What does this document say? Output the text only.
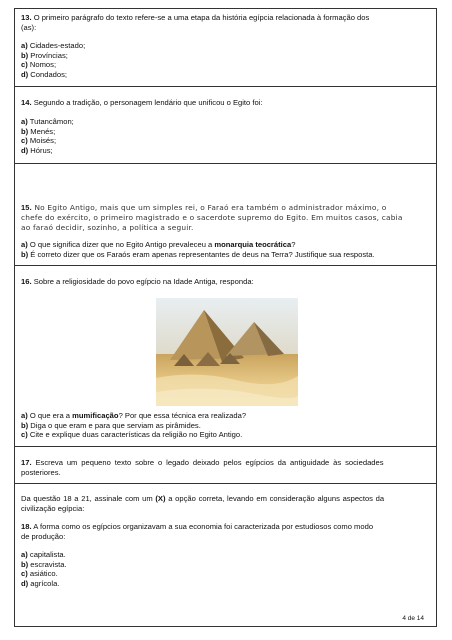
13. O primeiro parágrafo do texto refere-se a uma etapa da história egípcia relacionada à formação dos
(as):
a) Cidades-estado;
b) Províncias;
c) Nomos;
d) Condados;
14. Segundo a tradição, o personagem lendário que unificou o Egito foi:
a) Tutancâmon;
b) Menés;
c) Moisés;
d) Hórus;
15. No Egito Antigo, mais que um simples rei, o Faraó era também o administrador máximo, o
chefe do exército, o primeiro magistrado e o sacerdote supremo do Egito. Em muitos casos, cabia
ao faraó decidir, sozinho, a política a seguir.
a) O que significa dizer que no Egito Antigo prevaleceu a monarquia teocrática?
b) É correto dizer que os Faraós eram apenas representantes de deus na Terra? Justifique sua resposta.
16. Sobre a religiosidade do povo egípcio na Idade Antiga, responda:
a) O que era a mumificação? Por que essa técnica era realizada?
b) Diga o que eram e para que serviam as pirâmides.
c) Cite e explique duas características da religião no Egito Antigo.
17. Escreva um pequeno texto sobre o legado deixado pelos egípcios da antiguidade às sociedades
posteriores.
Da questão 18 a 21, assinale com um (X) a opção correta, levando em consideração alguns aspectos da
civilização egípcia:
18. A forma como os egípcios organizavam a sua economia foi caracterizada por estudiosos como modo
de produção:
a) capitalista.
b) escravista.
c) asiático.
d) agrícola.
4 de 14
